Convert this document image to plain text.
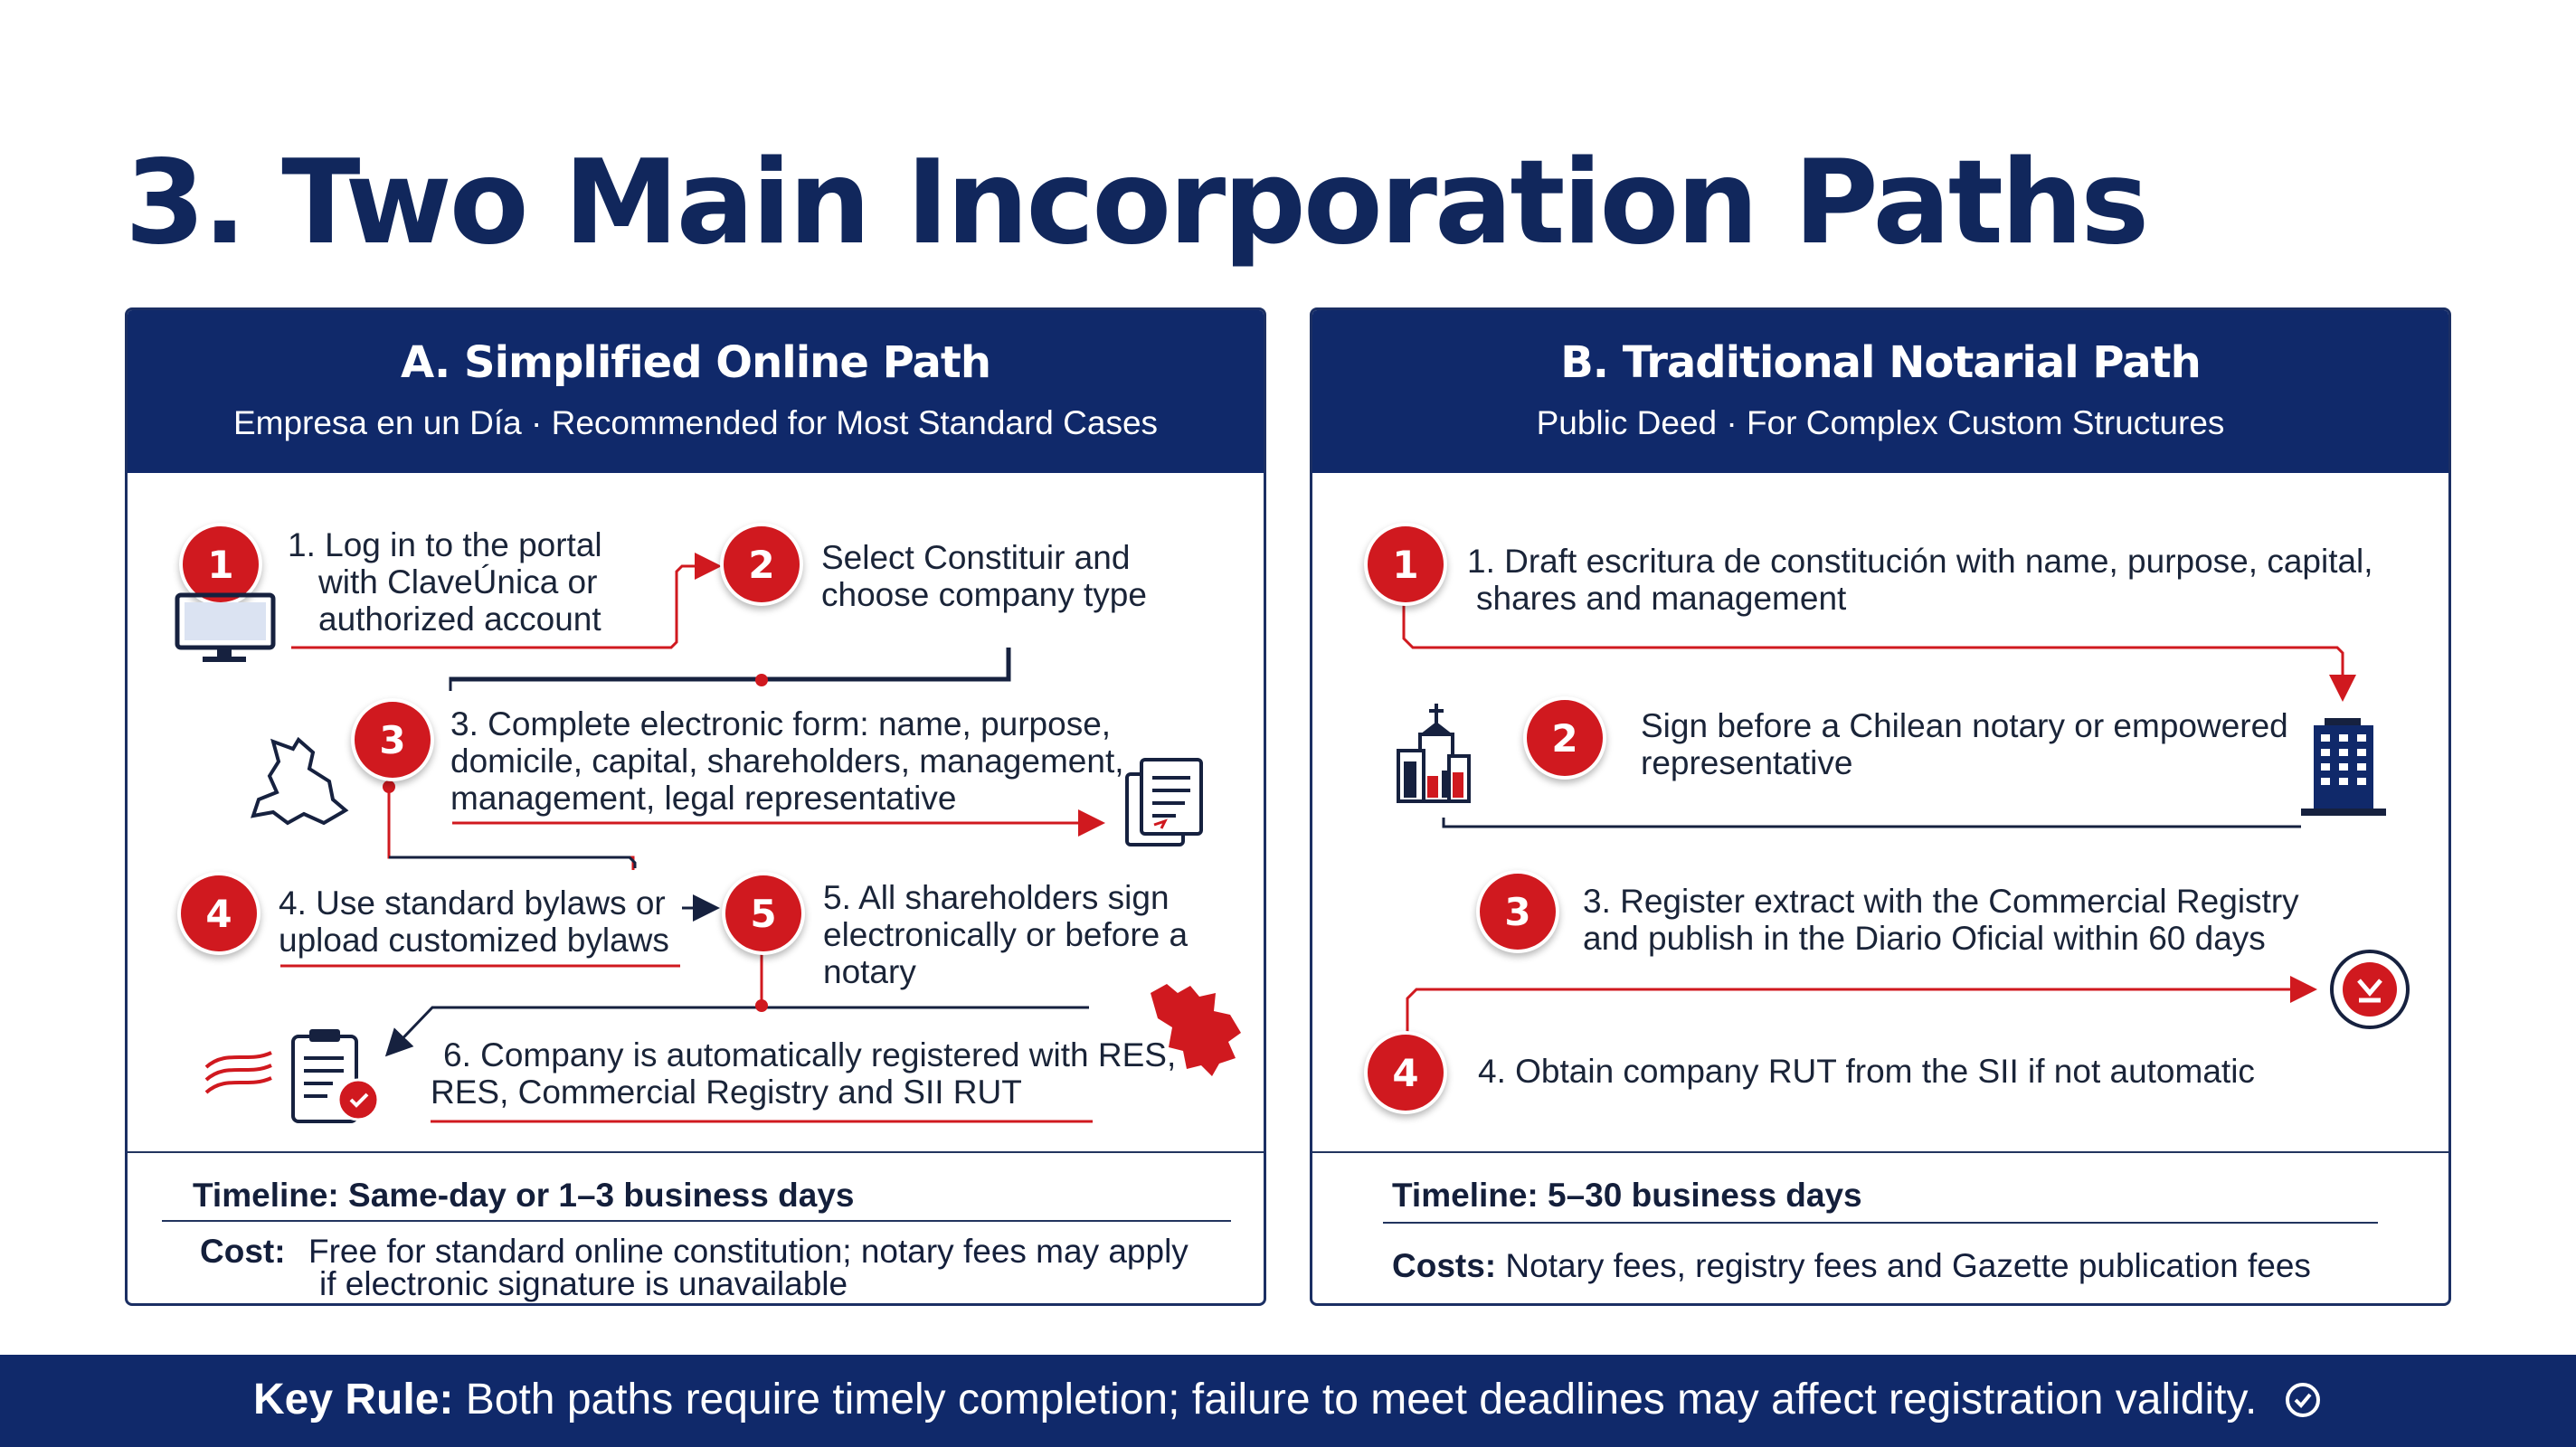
3. Two Main Incorporation Paths
A. Simplified Online Path
Empresa en un Día · Recommended for Most Standard Cases
Timeline: Same-day or 1–3 business days
Cost: Free for standard online constitution; notary fees may apply
if electronic signature is unavailable
B. Traditional Notarial Path
Public Deed · For Complex Custom Structures
Timeline: 5–30 business days
Costs: Notary fees, registry fees and Gazette publication fees
1	2
3
4	5
1. Log in to the portal
with ClaveÚnica or
authorized account
Select Constituir and
choose company type
3. Complete electronic form: name, purpose,
domicile, capital, shareholders, management,
management, legal representative
4. Use standard bylaws or
upload customized bylaws
5. All shareholders sign
electronically or before a
notary
6. Company is automatically registered with RES,
RES, Commercial Registry and SII RUT
1
2
3
4
1. Draft escritura de constitución with name, purpose, capital,
shares and management
Sign before a Chilean notary or empowered
representative
3. Register extract with the Commercial Registry
and publish in the Diario Oficial within 60 days
4. Obtain company RUT from the SII if not automatic
Key Rule: Both paths require timely completion; failure to meet deadlines may affect registration validity.
